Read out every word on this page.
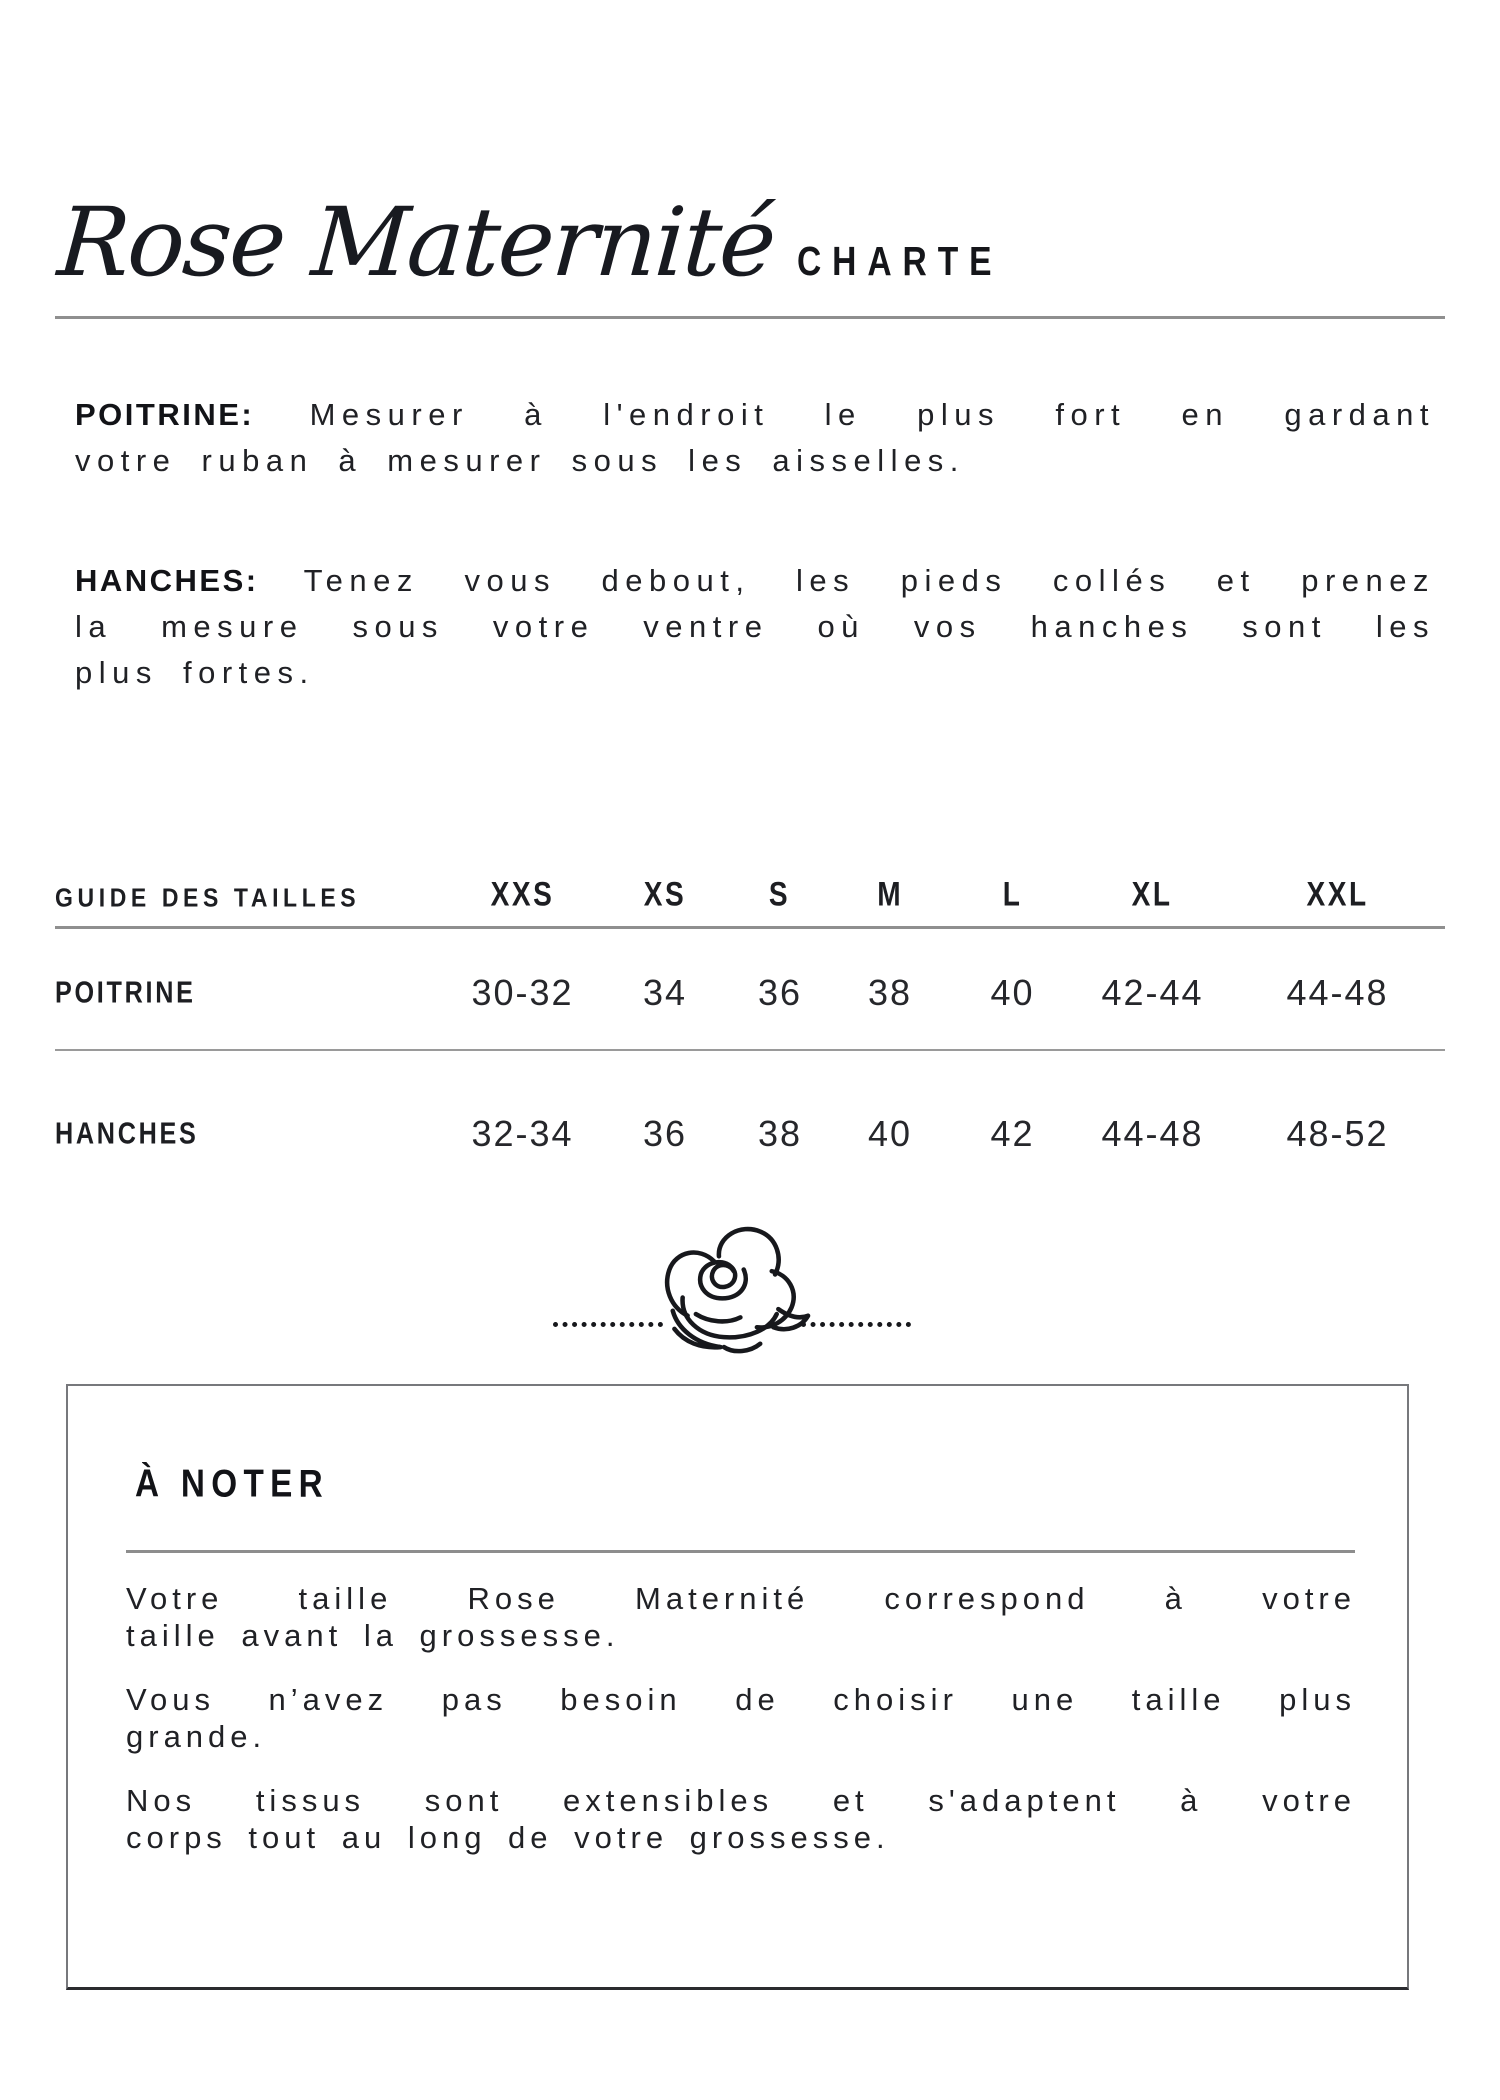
Rose Maternité CHARTE
POITRINE: Mesurer à l'endroit le plus fort en gardant
votre ruban à mesurer sous les aisselles.
HANCHES: Tenez vous debout, les pieds collés et prenez
la mesure sous votre ventre où vos hanches sont les
plus fortes.
GUIDE DES TAILLES	XXS	XS	S	M	L	XL	XXL
POITRINE	30-32	34	36	38	40	42-44	44-48
HANCHES	32-34	36	38	40	42	44-48	48-52
À NOTER
Votre taille Rose Maternité correspond à votre
taille avant la grossesse.
Vous n’avez pas besoin de choisir une taille plus
grande.
Nos tissus sont extensibles et s'adaptent à votre
corps tout au long de votre grossesse.
